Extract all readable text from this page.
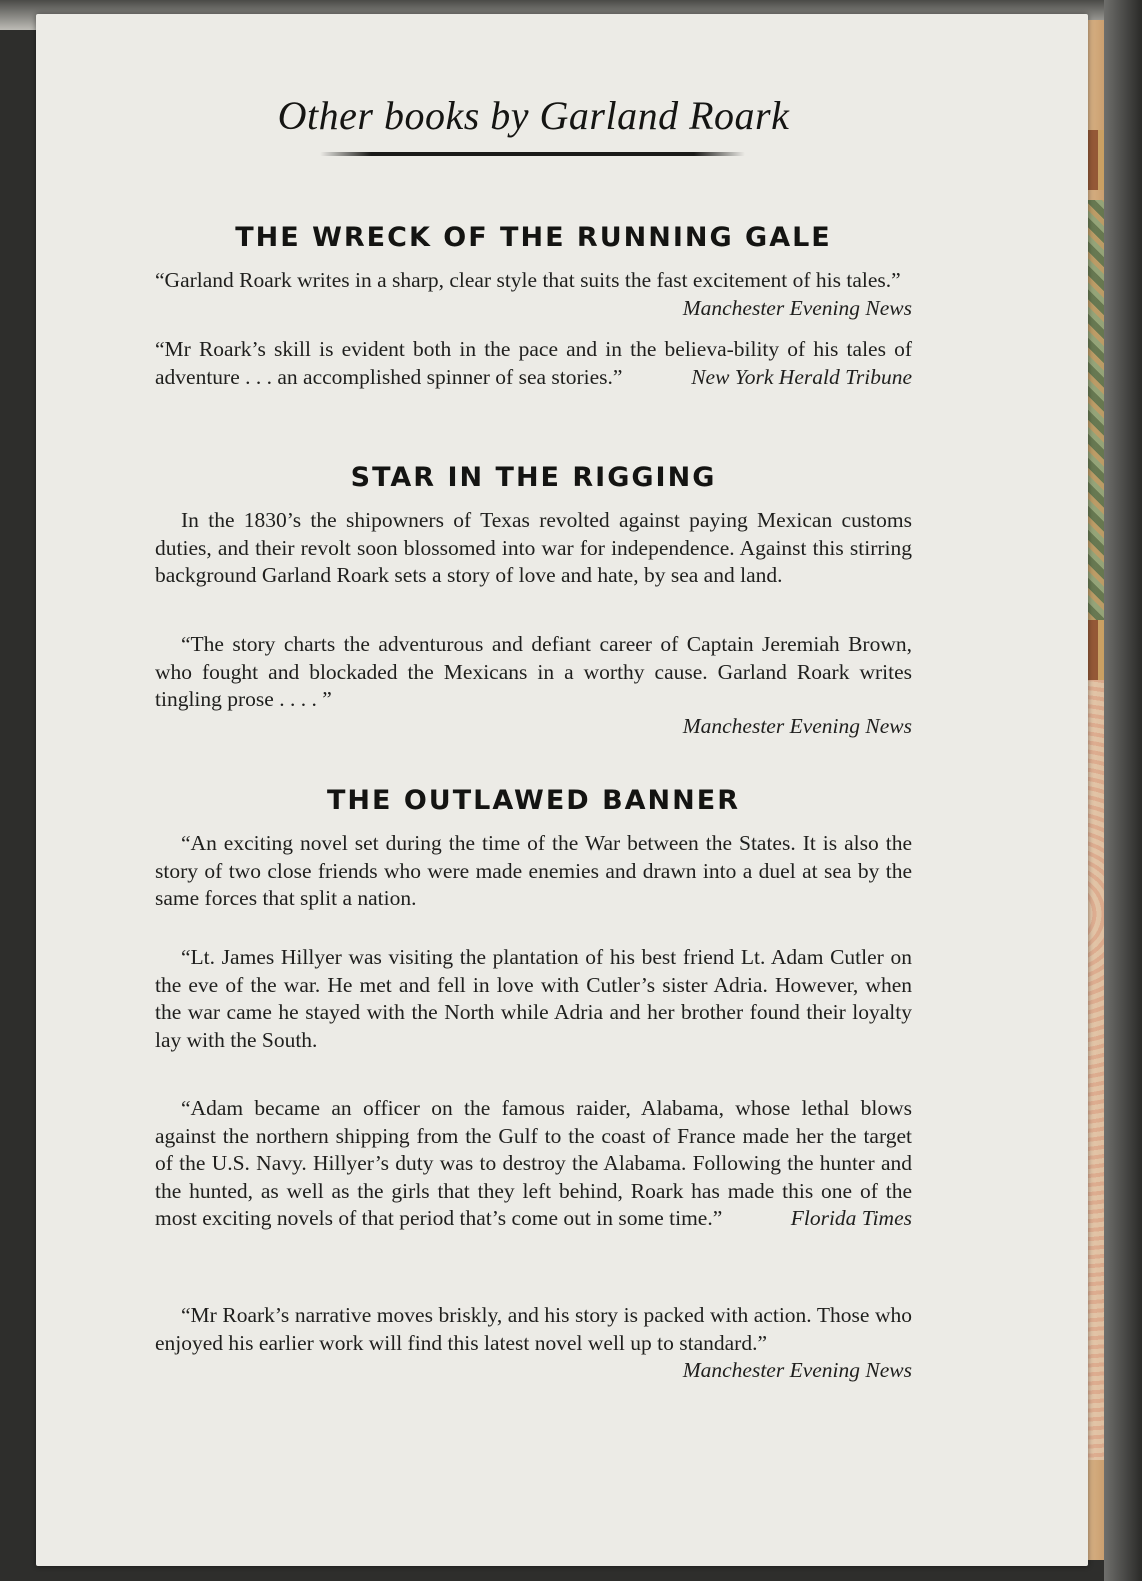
Other books by Garland Roark
THE WRECK OF THE RUNNING GALE
“Garland Roark writes in a sharp, clear style that suits the fast excitement of his tales.”
Manchester Evening News
“Mr Roark’s skill is evident both in the pace and in the believa-bility of his tales of adventure . . . an accomplished spinner of sea stories.”	New York Herald Tribune
STAR IN THE RIGGING
In the 1830’s the shipowners of Texas revolted against paying Mexican customs duties, and their revolt soon blossomed into war for independence. Against this stirring background Garland Roark sets a story of love and hate, by sea and land.
“The story charts the adventurous and defiant career of Captain Jeremiah Brown, who fought and blockaded the Mexicans in a worthy cause. Garland Roark writes tingling prose . . . . ”
Manchester Evening News
THE OUTLAWED BANNER
“An exciting novel set during the time of the War between the States. It is also the story of two close friends who were made enemies and drawn into a duel at sea by the same forces that split a nation.
“Lt. James Hillyer was visiting the plantation of his best friend Lt. Adam Cutler on the eve of the war. He met and fell in love with Cutler’s sister Adria. However, when the war came he stayed with the North while Adria and her brother found their loyalty lay with the South.
“Adam became an officer on the famous raider, Alabama, whose lethal blows against the northern shipping from the Gulf to the coast of France made her the target of the U.S. Navy. Hillyer’s duty was to destroy the Alabama. Following the hunter and the hunted, as well as the girls that they left behind, Roark has made this one of the most exciting novels of that period that’s come out in some time.”	Florida Times
“Mr Roark’s narrative moves briskly, and his story is packed with action. Those who enjoyed his earlier work will find this latest novel well up to standard.”
Manchester Evening News
